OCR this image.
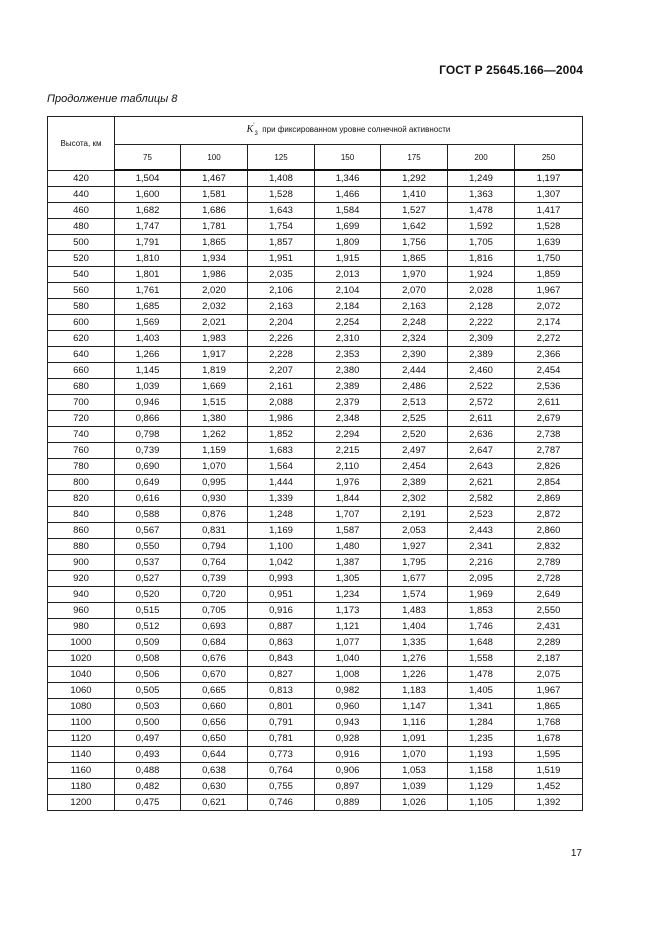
ГОСТ Р 25645.166—2004
Продолжение таблицы 8
Высота, км	$K'_3$ при фиксированном уровне солнечной активности						
	75	100	125	150	175	200	250
420	1,504	1,467	1,408	1,346	1,292	1,249	1,197
440	1,600	1,581	1,528	1,466	1,410	1,363	1,307
460	1,682	1,686	1,643	1,584	1,527	1,478	1,417
480	1,747	1,781	1,754	1,699	1,642	1,592	1,528
500	1,791	1,865	1,857	1,809	1,756	1,705	1,639
520	1,810	1,934	1,951	1,915	1,865	1,816	1,750
540	1,801	1,986	2,035	2,013	1,970	1,924	1,859
560	1,761	2,020	2,106	2,104	2,070	2,028	1,967
580	1,685	2,032	2,163	2,184	2,163	2,128	2,072
600	1,569	2,021	2,204	2,254	2,248	2,222	2,174
620	1,403	1,983	2,226	2,310	2,324	2,309	2,272
640	1,266	1,917	2,228	2,353	2,390	2,389	2,366
660	1,145	1,819	2,207	2,380	2,444	2,460	2,454
680	1,039	1,669	2,161	2,389	2,486	2,522	2,536
700	0,946	1,515	2,088	2,379	2,513	2,572	2,611
720	0,866	1,380	1,986	2,348	2,525	2,611	2,679
740	0,798	1,262	1,852	2,294	2,520	2,636	2,738
760	0,739	1,159	1,683	2,215	2,497	2,647	2,787
780	0,690	1,070	1,564	2,110	2,454	2,643	2,826
800	0,649	0,995	1,444	1,976	2,389	2,621	2,854
820	0,616	0,930	1,339	1,844	2,302	2,582	2,869
840	0,588	0,876	1,248	1,707	2,191	2,523	2,872
860	0,567	0,831	1,169	1,587	2,053	2,443	2,860
880	0,550	0,794	1,100	1,480	1,927	2,341	2,832
900	0,537	0,764	1,042	1,387	1,795	2,216	2,789
920	0,527	0,739	0,993	1,305	1,677	2,095	2,728
940	0,520	0,720	0,951	1,234	1,574	1,969	2,649
960	0,515	0,705	0,916	1,173	1,483	1,853	2,550
980	0,512	0,693	0,887	1,121	1,404	1,746	2,431
1000	0,509	0,684	0,863	1,077	1,335	1,648	2,289
1020	0,508	0,676	0,843	1,040	1,276	1,558	2,187
1040	0,506	0,670	0,827	1,008	1,226	1,478	2,075
1060	0,505	0,665	0,813	0,982	1,183	1,405	1,967
1080	0,503	0,660	0,801	0,960	1,147	1,341	1,865
1100	0,500	0,656	0,791	0,943	1,116	1,284	1,768
1120	0,497	0,650	0,781	0,928	1,091	1,235	1,678
1140	0,493	0,644	0,773	0,916	1,070	1,193	1,595
1160	0,488	0,638	0,764	0,906	1,053	1,158	1,519
1180	0,482	0,630	0,755	0,897	1,039	1,129	1,452
1200	0,475	0,621	0,746	0,889	1,026	1,105	1,392
17
